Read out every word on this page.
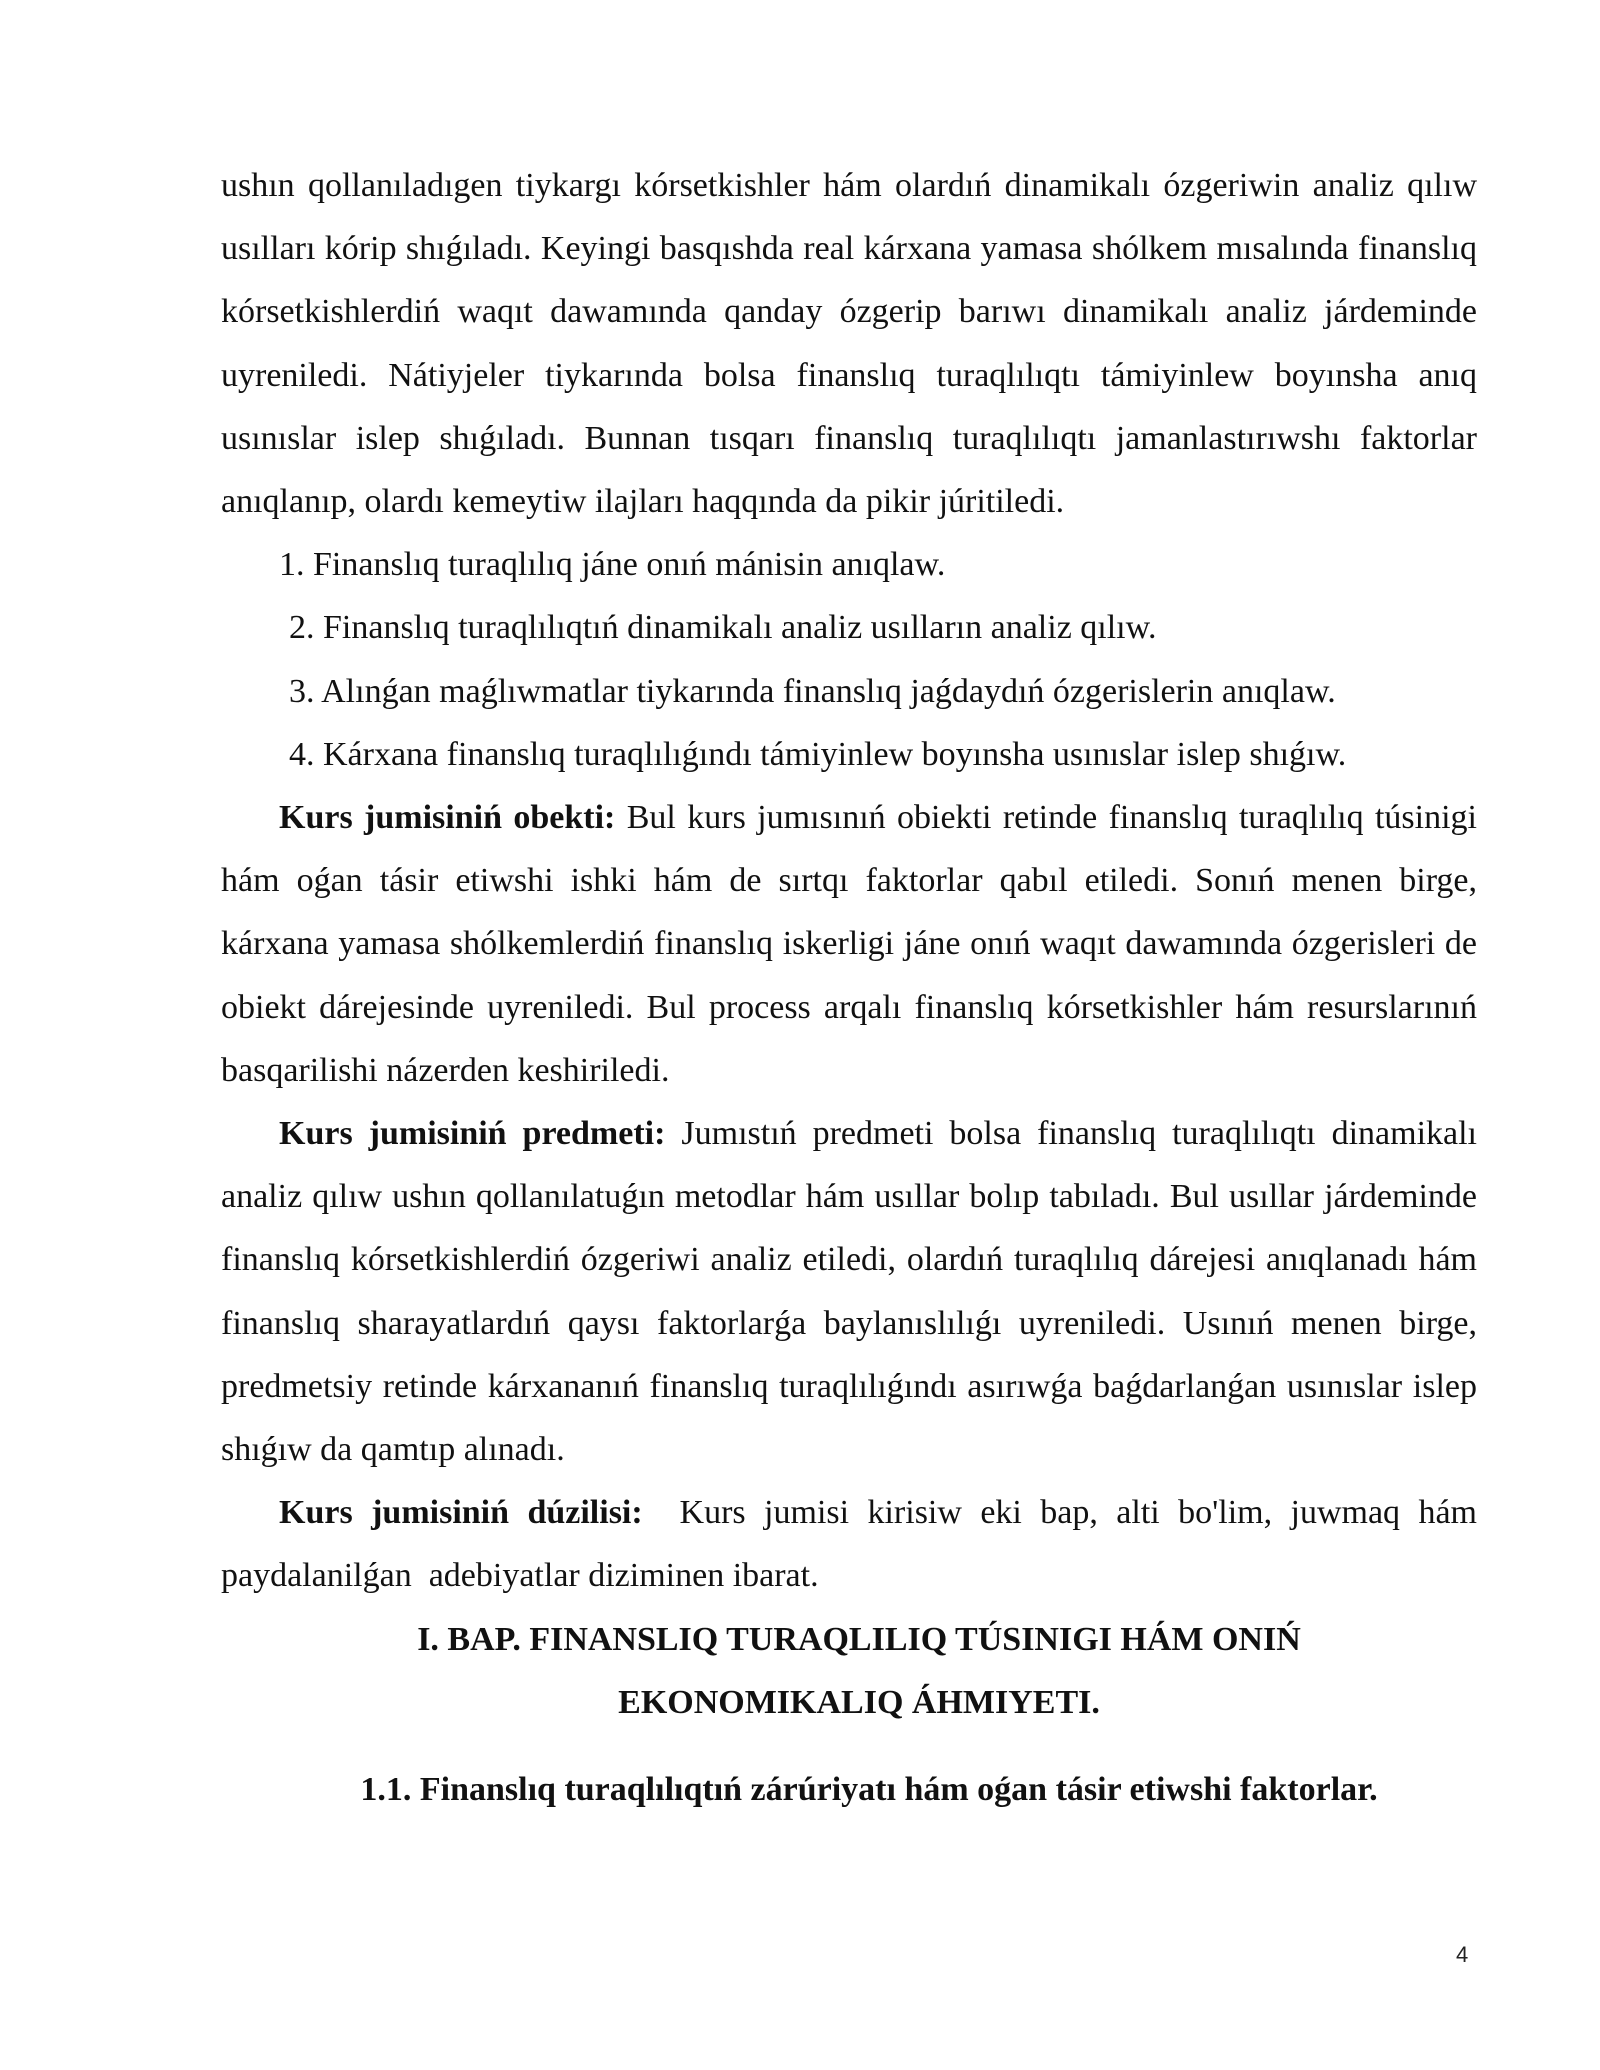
ushın qollanıladıgen tiykargı kórsetkishler hám olardıń dinamikalı ózgeriwin analiz qılıw usılları kórip shıǵıladı. Keyingi basqıshda real kárxana yamasa shólkem mısalında finanslıq kórsetkishlerdiń waqıt dawamında qanday ózgerip barıwı dinamikalı analiz járdeminde uyreniledi. Nátiyjeler tiykarında bolsa finanslıq turaqlılıqtı támiyinlew boyınsha anıq usınıslar islep shıǵıladı. Bunnan tısqarı finanslıq turaqlılıqtı jamanlastırıwshı faktorlar anıqlanıp, olardı kemeytiw ilajları haqqında da pikir júritiledi.

1. Finanslıq turaqlılıq jáne onıń mánisin anıqlaw.

2. Finanslıq turaqlılıqtıń dinamikalı analiz usılların analiz qılıw.

3. Alınǵan maǵlıwmatlar tiykarında finanslıq jaǵdaydıń ózgerislerin anıqlaw.

4. Kárxana finanslıq turaqlılıǵındı támiyinlew boyınsha usınıslar islep shıǵıw.

Kurs jumisiniń obekti: Bul kurs jumısınıń obiekti retinde finanslıq turaqlılıq túsinigi hám oǵan tásir etiwshi ishki hám de sırtqı faktorlar qabıl etiledi. Sonıń menen birge, kárxana yamasa shólkemlerdiń finanslıq iskerligi jáne onıń waqıt dawamında ózgerisleri de obiekt dárejesinde uyreniledi. Bul process arqalı finanslıq kórsetkishler hám resurslarınıń basqarilishi názerden keshiriledi.

Kurs jumisiniń predmeti: Jumıstıń predmeti bolsa finanslıq turaqlılıqtı dinamikalı analiz qılıw ushın qollanılatuǵın metodlar hám usıllar bolıp tabıladı. Bul usıllar járdeminde finanslıq kórsetkishlerdiń ózgeriwi analiz etiledi, olardıń turaqlılıq dárejesi anıqlanadı hám finanslıq sharayatlardıń qaysı faktorlarǵa baylanıslılıǵı uyreniledi. Usınıń menen birge, predmetsiy retinde kárxananıń finanslıq turaqlılıǵındı asırıwǵa baǵdarlanǵan usınıslar islep shıǵıw da qamtıp alınadı.

Kurs jumisiniń dúzilisi:  Kurs jumisi kirisiw eki bap, alti bo'lim, juwmaq hám paydalanilǵan  adebiyatlar diziminen ibarat.

I. BAP. FINANSLIQ TURAQLILIQ TÚSINIGI HÁM ONIŃ

EKONOMIKALIQ ÁHMIYETI.

1.1. Finanslıq turaqlılıqtıń zárúriyatı hám oǵan tásir etiwshi faktorlar.

4
